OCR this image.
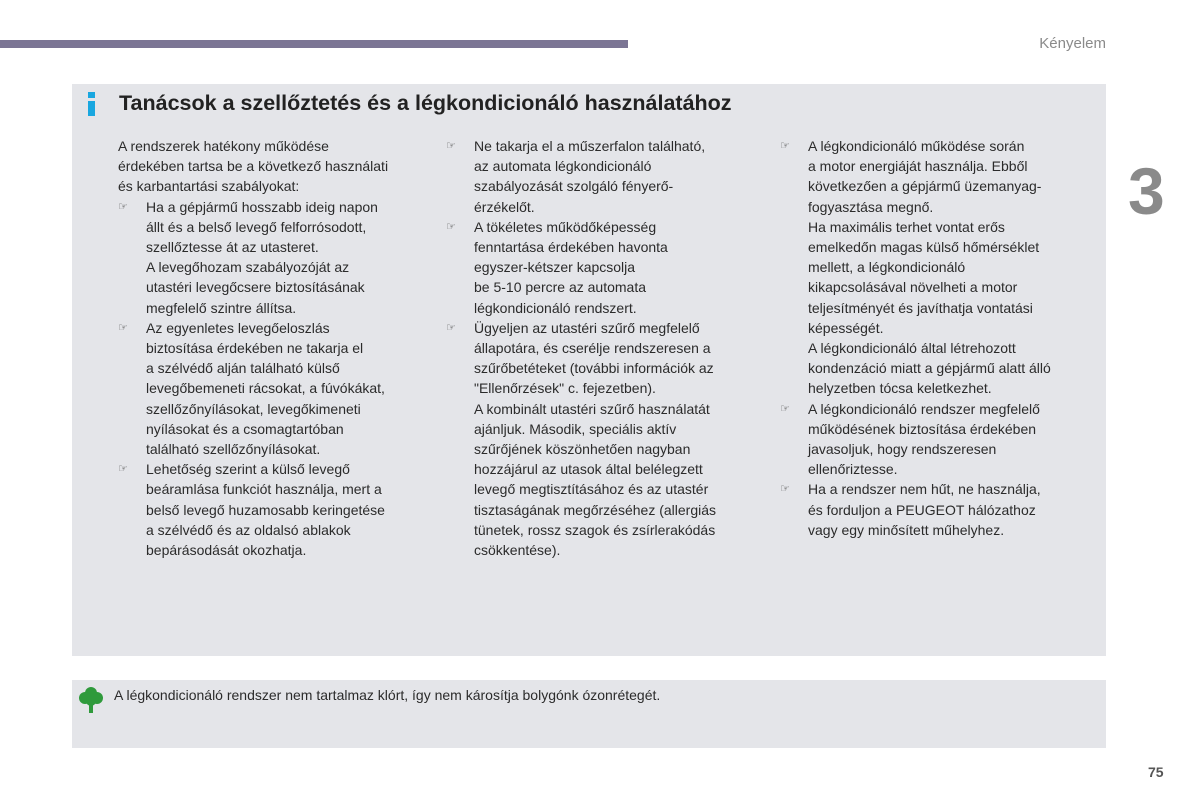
Kényelem
3
Tanácsok a szellőztetés és a légkondicionáló használatához

A rendszerek hatékony működése
érdekében tartsa be a következő használati
és karbantartási szabályokat:

☞ Ha a gépjármű hosszabb ideig napon
állt és a belső levegő felforrósodott,
szellőztesse át az utasteret.

A levegőhozam szabályozóját az
utastéri levegőcsere biztosításának
megfelelő szintre állítsa.

☞ Az egyenletes levegőeloszlás
biztosítása érdekében ne takarja el
a szélvédő alján található külső
levegőbemeneti rácsokat, a fúvókákat,
szellőzőnyílásokat, levegőkimeneti
nyílásokat és a csomagtartóban
található szellőzőnyílásokat.

☞ Lehetőség szerint a külső levegő
beáramlása funkciót használja, mert a
belső levegő huzamosabb keringetése
a szélvédő és az oldalsó ablakok
bepárásodását okozhatja.

☞ Ne takarja el a műszerfalon található,
az automata légkondicionáló
szabályozását szolgáló fényerő-
érzékelőt.

☞ A tökéletes működőképesség
fenntartása érdekében havonta
egyszer-kétszer kapcsolja
be 5-10 percre az automata
légkondicionáló rendszert.

☞ Ügyeljen az utastéri szűrő megfelelő
állapotára, és cserélje rendszeresen a
szűrőbetéteket (további információk az
"Ellenőrzések" c. fejezetben).

A kombinált utastéri szűrő használatát
ajánljuk. Második, speciális aktív
szűrőjének köszönhetően nagyban
hozzájárul az utasok által belélegzett
levegő megtisztításához és az utastér
tisztaságának megőrzéséhez (allergiás
tünetek, rossz szagok és zsírlerakódás
csökkentése).

☞ A légkondicionáló működése során
a motor energiáját használja. Ebből
következően a gépjármű üzemanyag-
fogyasztása megnő.

Ha maximális terhet vontat erős
emelkedőn magas külső hőmérséklet
mellett, a légkondicionáló
kikapcsolásával növelheti a motor
teljesítményét és javíthatja vontatási
képességét.

A légkondicionáló által létrehozott
kondenzáció miatt a gépjármű alatt álló
helyzetben tócsa keletkezhet.

☞ A légkondicionáló rendszer megfelelő
működésének biztosítása érdekében
javasoljuk, hogy rendszeresen
ellenőriztesse.

☞ Ha a rendszer nem hűt, ne használja,
és forduljon a PEUGEOT hálózathoz
vagy egy minősített műhelyhez.

A légkondicionáló rendszer nem tartalmaz klórt, így nem károsítja bolygónk ózonrétegét.
75
